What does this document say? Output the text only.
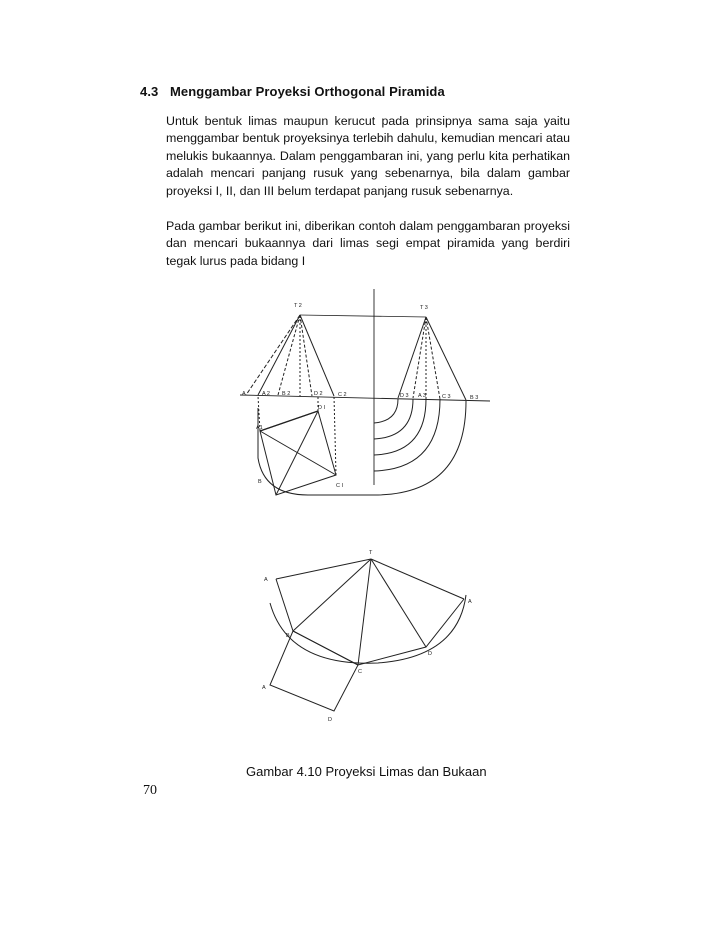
4.3 Menggambar Proyeksi Orthogonal Piramida
Untuk bentuk limas maupun kerucut pada prinsipnya sama saja yaitu menggambar bentuk proyeksinya terlebih dahulu, kemudian mencari atau melukis bukaannya. Dalam penggambaran ini, yang perlu kita perhatikan adalah mencari panjang rusuk yang sebenarnya, bila dalam gambar proyeksi I, II, dan III belum terdapat panjang rusuk sebenarnya.
Pada gambar berikut ini, diberikan contoh dalam penggambaran proyeksi dan mencari bukaannya dari limas segi empat piramida yang berdiri tegak lurus pada bidang I
T 2	T 3
A	A 2 B 2	D 2	C 2	D 3 A 3	C 3	B 3
A1
B
C I
D I
T
A
B
C
D
A
A
D
Gambar 4.10 Proyeksi Limas dan Bukaan
70
